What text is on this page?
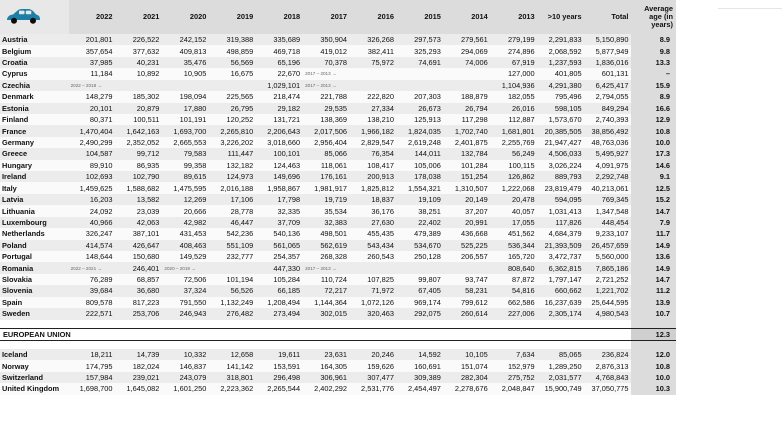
	2022	2021	2020	2019	2018	2017	2016	2015	2014	2013	>10 years	Total	Average age (in years)
Austria	201,801	226,522	242,152	319,388	335,689	350,904	326,268	297,573	279,561	279,199	2,291,833	5,150,890	8.9
Belgium	357,654	377,632	409,813	498,859	469,718	419,012	382,411	325,293	294,069	274,896	2,068,592	5,877,949	9.8
Croatia	37,985	40,231	35,476	56,569	65,196	70,378	75,972	74,691	74,006	67,919	1,237,593	1,836,016	13.3
Cyprus	11,184	10,892	10,905	16,675	22,670	2017 – 2013 →				127,000	401,805	601,131	–
Czechia	2022 – 2018 →				1,029,101	2017 – 2013 →				1,104,936	4,291,380	6,425,417	15.9
Denmark	148,279	185,302	198,094	225,565	218,474	221,788	222,820	207,303	188,879	182,055	795,496	2,794,055	8.9
Estonia	20,101	20,879	17,880	26,795	29,182	29,535	27,334	26,673	26,794	26,016	598,105	849,294	16.6
Finland	80,371	100,511	101,191	120,252	131,721	138,369	138,210	125,913	117,298	112,887	1,573,670	2,740,393	12.9
France	1,470,404	1,642,163	1,693,700	2,265,810	2,206,643	2,017,506	1,966,182	1,824,035	1,702,740	1,681,801	20,385,505	38,856,492	10.8
Germany	2,490,299	2,352,052	2,665,553	3,226,202	3,018,660	2,956,404	2,829,547	2,619,248	2,401,875	2,255,769	21,947,427	48,763,036	10.0
Greece	104,587	99,712	79,583	111,447	100,101	85,066	76,354	144,011	132,784	56,249	4,506,033	5,495,927	17.3
Hungary	89,910	86,935	99,358	132,182	124,463	118,061	108,417	105,006	101,284	100,115	3,026,224	4,091,975	14.6
Ireland	102,693	102,790	89,615	124,973	149,696	176,161	200,913	178,038	151,254	126,862	889,793	2,292,748	9.1
Italy	1,459,625	1,588,682	1,475,595	2,016,188	1,958,867	1,981,917	1,825,812	1,554,321	1,310,507	1,222,068	23,819,479	40,213,061	12.5
Latvia	16,203	13,582	12,269	17,106	17,798	19,719	18,837	19,109	20,149	20,478	594,095	769,345	15.2
Lithuania	24,092	23,039	20,666	28,778	32,335	35,534	36,176	38,251	37,207	40,057	1,031,413	1,347,548	14.7
Luxembourg	40,966	42,063	42,982	46,447	37,709	32,383	27,630	22,402	20,991	17,055	117,826	448,454	7.9
Netherlands	326,247	387,101	431,453	542,236	540,136	498,501	455,435	479,389	436,668	451,562	4,684,379	9,233,107	11.7
Poland	414,574	426,647	408,463	551,109	561,065	562,619	543,434	534,670	525,225	536,344	21,393,509	26,457,659	14.9
Portugal	148,644	150,680	149,529	232,777	254,357	268,328	260,543	250,128	206,557	165,720	3,472,737	5,560,000	13.6
Romania	2022 – 2021 →	246,401	2020 – 2019 →		447,330	2017 – 2013 →				808,640	6,362,815	7,865,186	14.9
Slovakia	76,289	68,857	72,506	101,194	105,284	110,724	107,825	99,807	93,747	87,872	1,797,147	2,721,252	14.7
Slovenia	39,684	36,680	37,324	56,526	66,185	72,217	71,972	67,405	58,231	54,816	660,662	1,221,702	11.2
Spain	809,578	817,223	791,550	1,132,249	1,208,494	1,144,364	1,072,126	969,174	799,612	662,586	16,237,639	25,644,595	13.9
Sweden	222,571	253,706	246,943	276,482	273,494	302,015	320,463	292,075	260,614	227,006	2,305,174	4,980,543	10.7

EUROPEAN UNION													12.3

Iceland	18,211	14,739	10,332	12,658	19,611	23,631	20,246	14,592	10,105	7,634	85,065	236,824	12.0
Norway	174,795	182,024	146,837	141,142	153,591	164,305	159,626	160,691	151,074	152,979	1,289,250	2,876,313	10.8
Switzerland	157,984	239,021	243,079	318,801	296,498	306,961	307,477	309,389	282,304	275,752	2,031,577	4,768,843	10.0
United Kingdom	1,698,700	1,645,082	1,601,250	2,223,362	2,265,544	2,402,292	2,531,776	2,454,497	2,278,676	2,048,847	15,900,749	37,050,775	10.3
